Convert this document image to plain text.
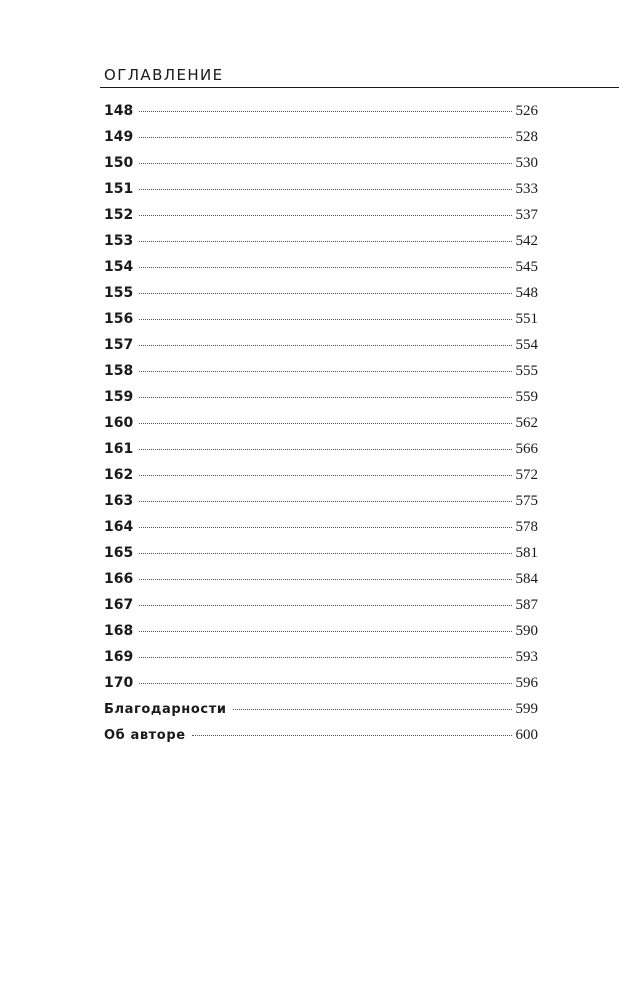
ОГЛАВЛЕНИЕ
148	526
149	528
150	530
151	533
152	537
153	542
154	545
155	548
156	551
157	554
158	555
159	559
160	562
161	566
162	572
163	575
164	578
165	581
166	584
167	587
168	590
169	593
170	596
Благодарности	599
Об авторе	600
